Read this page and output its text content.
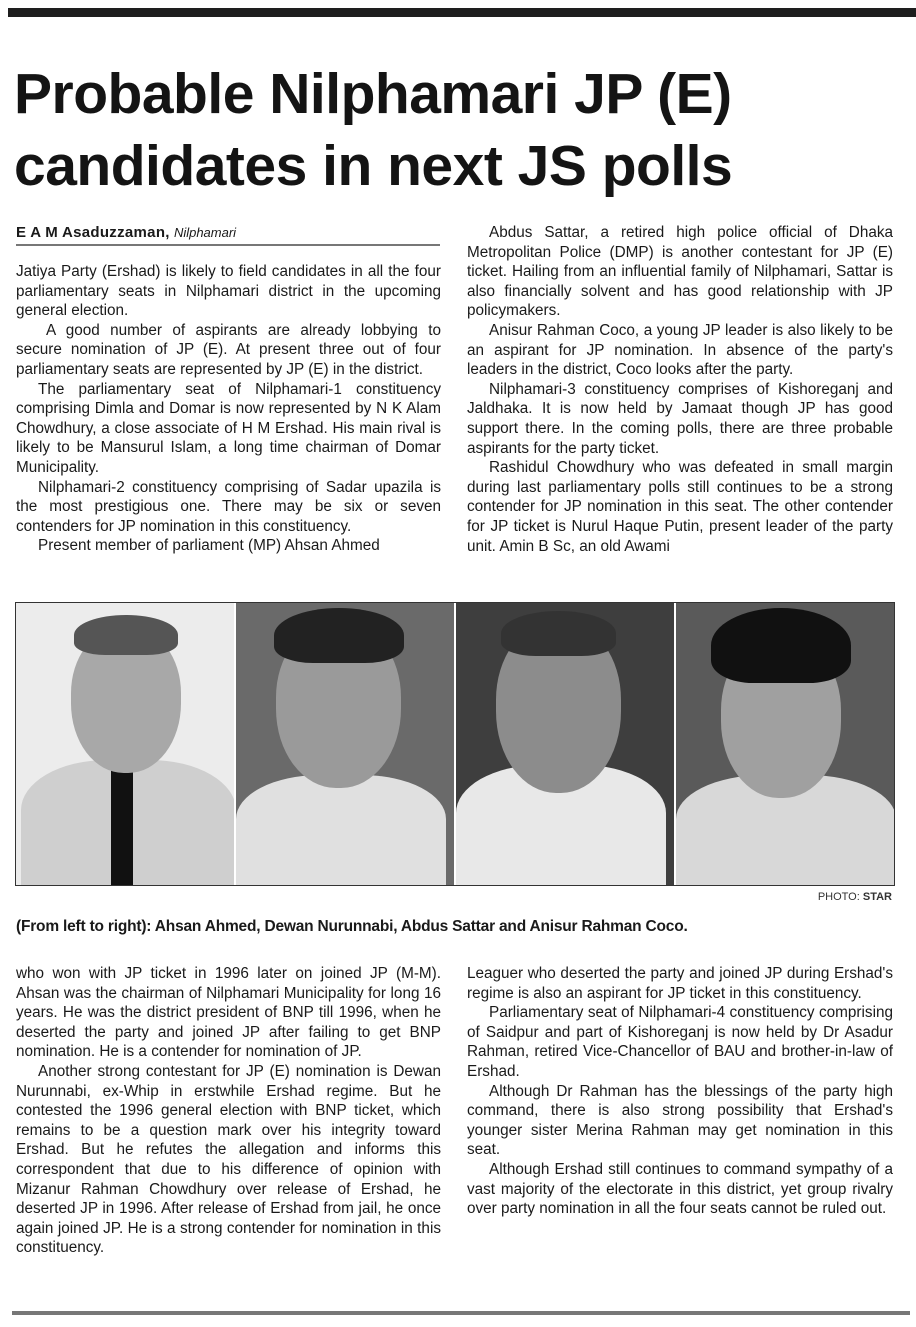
Probable Nilphamari JP (E) candidates in next JS polls
E A M Asaduzzaman, Nilphamari

Jatiya Party (Ershad) is likely to field candidates in all the four parliamentary seats in Nilphamari district in the upcoming general election.

A good number of aspirants are already lobbying to secure nomination of JP (E). At present three out of four parliamentary seats are represented by JP (E) in the district.

The parliamentary seat of Nilphamari-1 constituency comprising Dimla and Domar is now represented by N K Alam Chowdhury, a close associate of H M Ershad. His main rival is likely to be Mansurul Islam, a long time chairman of Domar Municipality.

Nilphamari-2 constituency comprising of Sadar upazila is the most prestigious one. There may be six or seven contenders for JP nomination in this constituency.

Present member of parliament (MP) Ahsan Ahmed

Abdus Sattar, a retired high police official of Dhaka Metropolitan Police (DMP) is another contestant for JP (E) ticket. Hailing from an influential family of Nilphamari, Sattar is also financially solvent and has good relationship with JP policymakers.

Anisur Rahman Coco, a young JP leader is also likely to be an aspirant for JP nomination. In absence of the party's leaders in the district, Coco looks after the party.

Nilphamari-3 constituency comprises of Kishoreganj and Jaldhaka. It is now held by Jamaat though JP has good support there. In the coming polls, there are three probable aspirants for the party ticket.

Rashidul Chowdhury who was defeated in small margin during last parliamentary polls still continues to be a strong contender for JP nomination in this seat. The other contender for JP ticket is Nurul Haque Putin, present leader of the party unit. Amin B Sc, an old Awami

PHOTO: STAR
(From left to right): Ahsan Ahmed, Dewan Nurunnabi, Abdus Sattar and Anisur Rahman Coco.

who won with JP ticket in 1996 later on joined JP (M-M). Ahsan was the chairman of Nilphamari Municipality for long 16 years. He was the district president of BNP till 1996, when he deserted the party and joined JP after failing to get BNP nomination. He is a contender for nomination of JP.

Another strong contestant for JP (E) nomination is Dewan Nurunnabi, ex-Whip in erstwhile Ershad regime. But he contested the 1996 general election with BNP ticket, which remains to be a question mark over his integrity toward Ershad. But he refutes the allegation and informs this correspondent that due to his difference of opinion with Mizanur Rahman Chowdhury over release of Ershad, he deserted JP in 1996. After release of Ershad from jail, he once again joined JP. He is a strong contender for nomination in this constituency.

Leaguer who deserted the party and joined JP during Ershad's regime is also an aspirant for JP ticket in this constituency.

Parliamentary seat of Nilphamari-4 constituency comprising of Saidpur and part of Kishoreganj is now held by Dr Asadur Rahman, retired Vice-Chancellor of BAU and brother-in-law of Ershad.

Although Dr Rahman has the blessings of the party high command, there is also strong possibility that Ershad's younger sister Merina Rahman may get nomination in this seat.

Although Ershad still continues to command sympathy of a vast majority of the electorate in this district, yet group rivalry over party nomination in all the four seats cannot be ruled out.
